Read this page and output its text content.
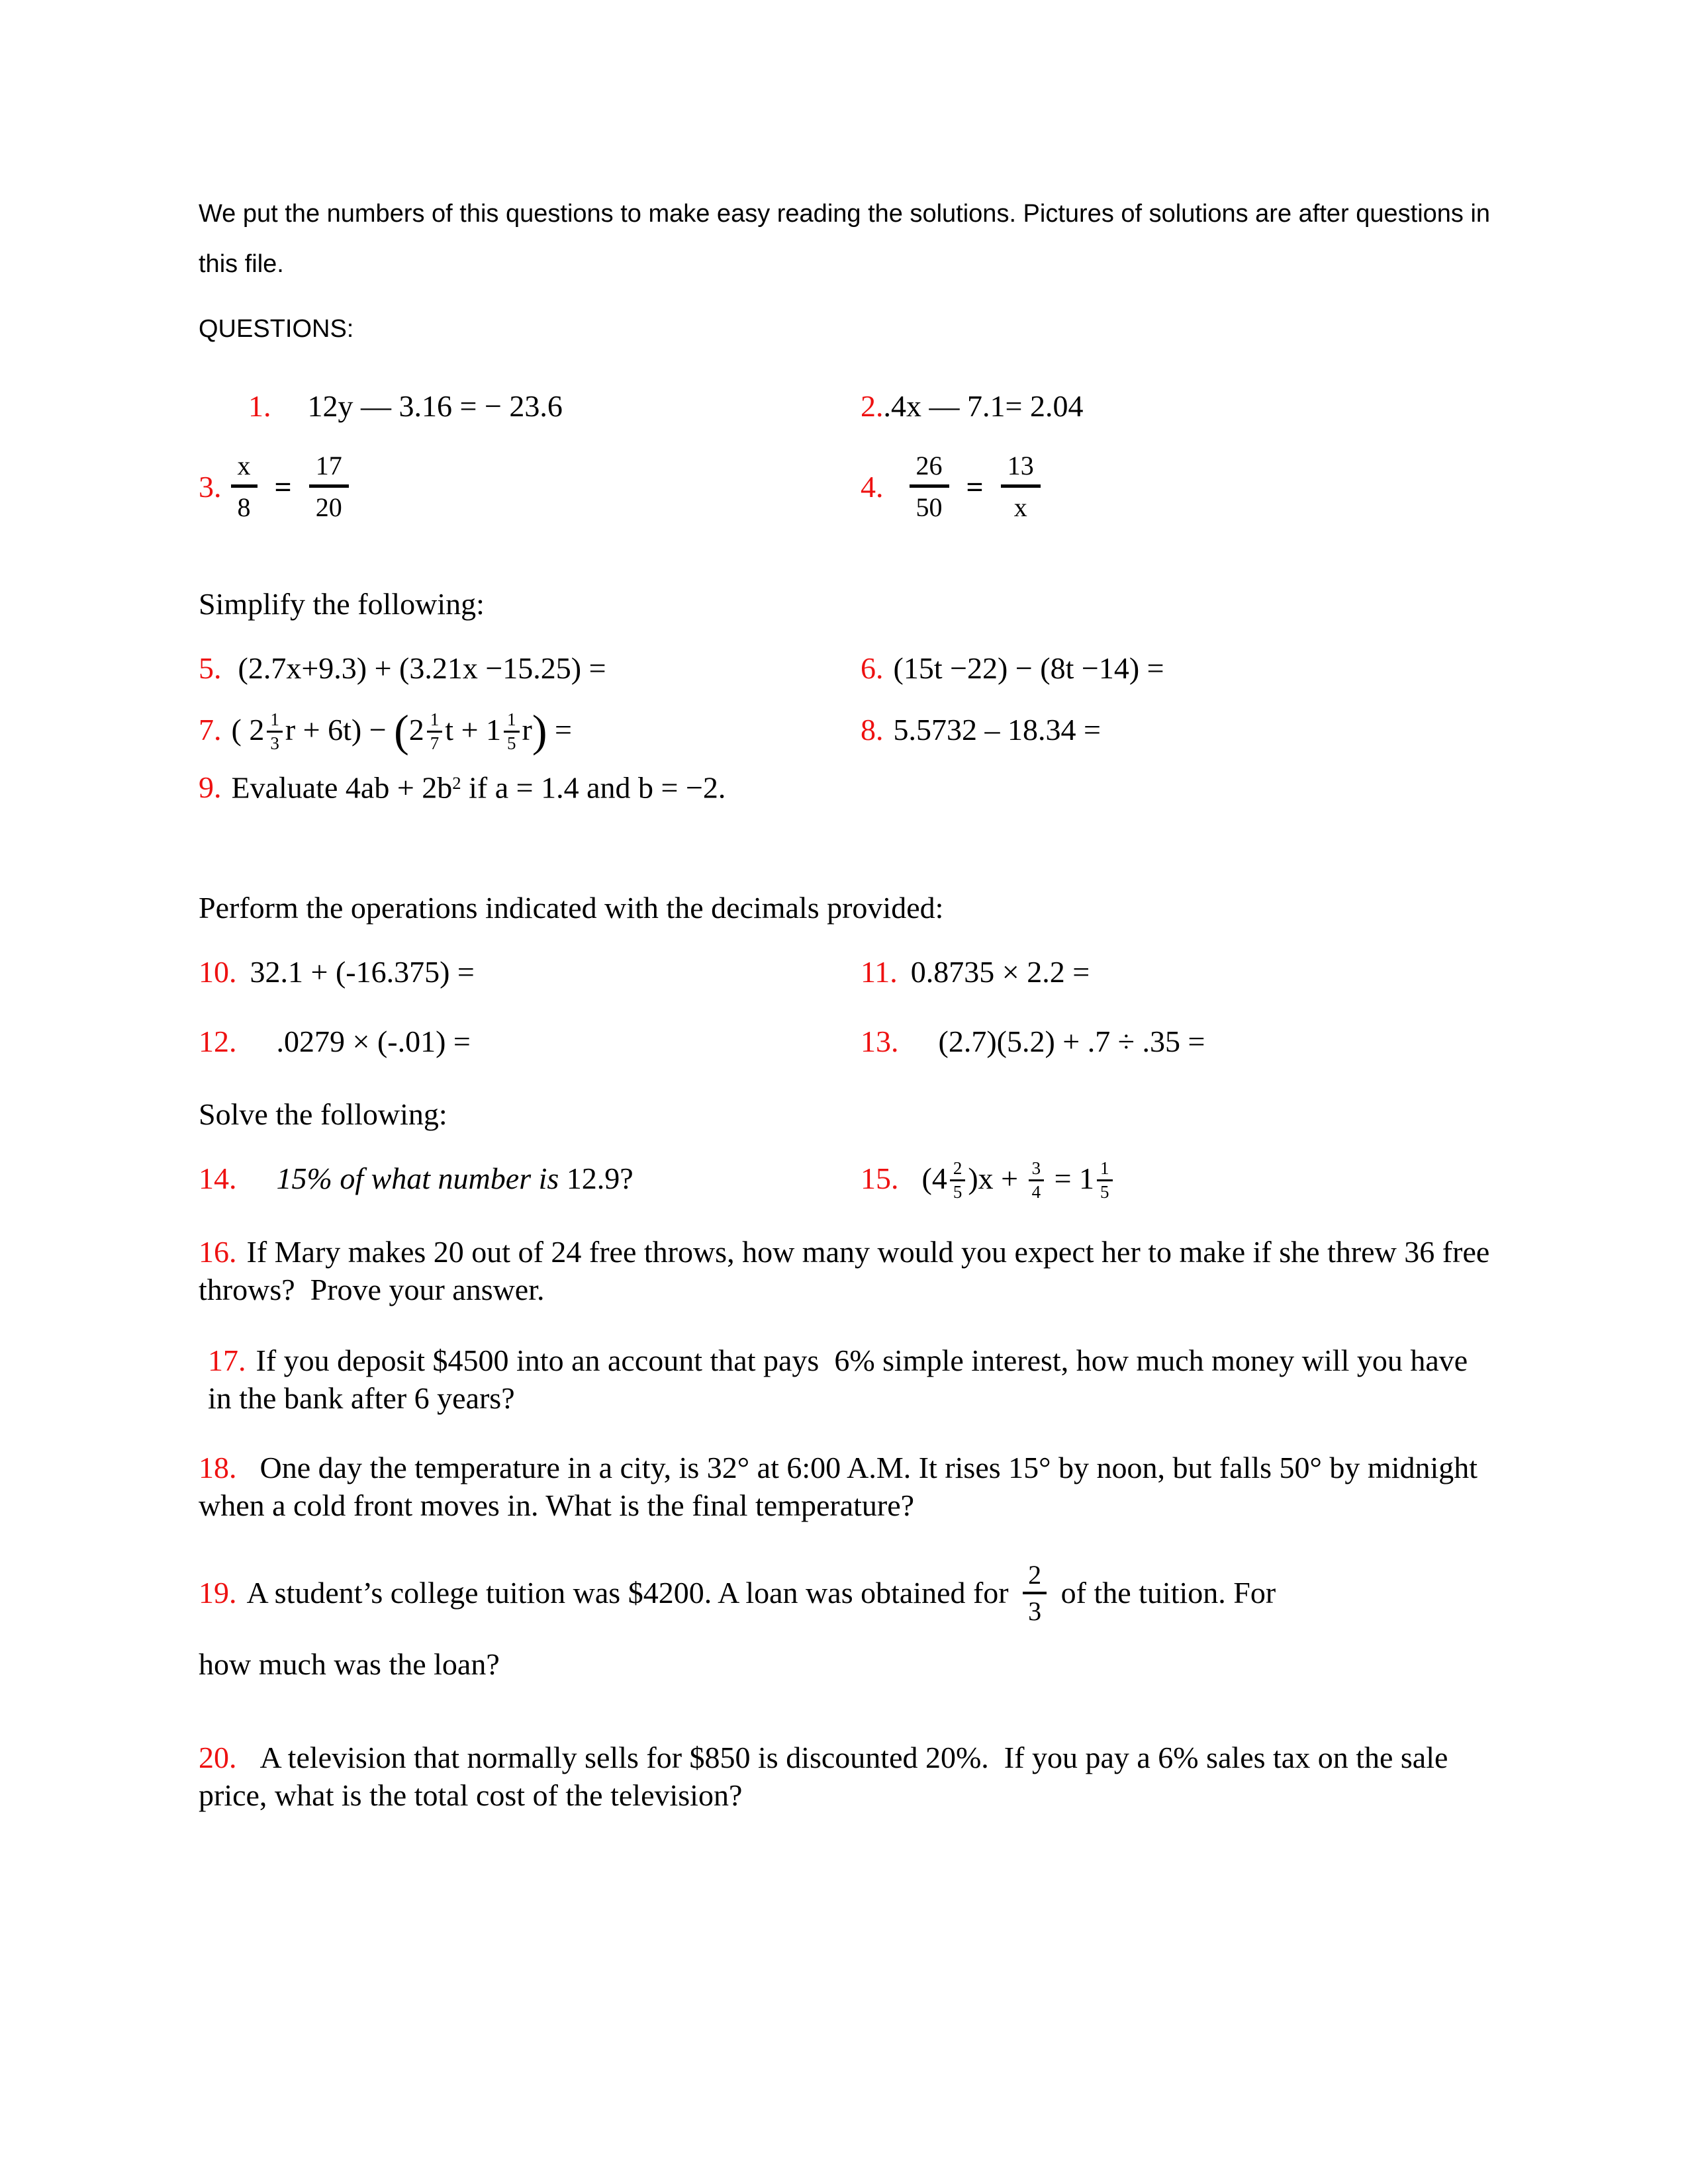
We put the numbers of this questions to make easy reading the solutions. Pictures of solutions are after questions in this file.

QUESTIONS:

1. 12y — 3.16 = − 23.6	2..4x — 7.1= 2.04
3. $\frac{x}{8} = \frac{17}{20}$	4. $\frac{26}{50} = \frac{13}{x}$

Simplify the following:

5. (2.7x+9.3) + (3.21x −15.25) =	6. (15t −22) − (8t −14) =
7. ( $2 \frac{1}{3}$ $r + 6t) - (2 \frac{1}{7}$ $t + 1 \frac{1}{5} r$) =	8. 5.5732 – 18.34 =

9. Evaluate $4ab + 2b^2$ if a = 1.4 and b = −2.

Perform the operations indicated with the decimals provided:

10. 32.1 + (-16.375) =	11. 0.8735 × 2.2 =
12. .0279 × (-.01) =	13. (2.7)(5.2) + .7 ÷ .35 =

Solve the following:

14. 15% of what number is 12.9?	15. $(4 \frac{2}{5} )x + \frac{3}{4} = 1 \frac{1}{5}$

16. If Mary makes 20 out of 24 free throws, how many would you expect her to make if she threw 36 free throws?  Prove your answer.

17. If you deposit $4500 into an account that pays  6% simple interest, how much money will you have in the bank after 6 years?

18. One day the temperature in a city, is 32° at 6:00 A.M. It rises 15° by noon, but falls 50° by midnight when a cold front moves in. What is the final temperature?

19. A student’s college tuition was $4200. A loan was obtained for $\frac{2}{3}$ of the tuition. For

how much was the loan?

20. A television that normally sells for $850 is discounted 20%.  If you pay a 6% sales tax on the sale price, what is the total cost of the television?
